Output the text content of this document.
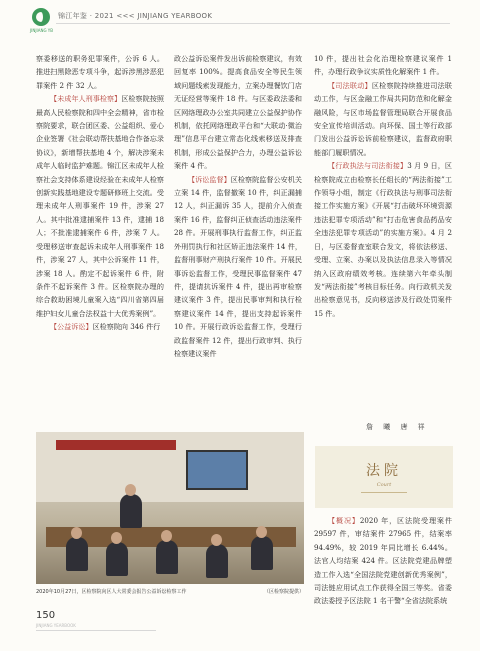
JINJIANG YB
锦江年鉴 · 2021 <<< JINJIANG YEARBOOK

察委移送的职务犯罪案件，公诉 6 人。推进扫黑除恶专项斗争，起诉涉黑涉恶犯罪案件 2 件 32 人。

【未成年人刑事检察】区检察院按照最高人民检察院和四中全会精神，省市检察院要求，联合团区委、公益组织、爱心企业签署《社会联动帮扶基地合作备忘录协议》，新增帮扶基地 4 个，解决涉案未成年人临时监护难题。锦江区未成年人检察社会支持体系建设经验在未成年人检察创新实践基地建设专题研修班上交流。受理未成年人刑事案件 19 件，涉案 27 人。其中批准逮捕案件 13 件，逮捕 18 人；不批准逮捕案件 6 件，涉案 7 人。受理移送审查起诉未成年人刑事案件 18 件，涉案 27 人，其中公诉案件 11 件，涉案 18 人。酌定不起诉案件 6 件，附条件不起诉案件 3 件。区检察院办理的综合救助困境儿童案入选“四川省第四届维护妇女儿童合法权益十大优秀案例”。

【公益诉讼】区检察院向 346 件行

政公益诉讼案件发出诉前检察建议，有效回复率 100%。提高食品安全等民生领域问题线索发现能力，立案办理餐饮门店无证经营等案件 18 件。与区委政法委和区网络理政办公室共同建立公益保护协作机制，依托网络理政平台和“大联动·微治理”信息平台建立常态化线索移送及排查机制，形成公益保护合力，办理公益诉讼案件 4 件。

【诉讼监督】区检察院监督公安机关立案 14 件，监督撤案 10 件，纠正漏捕 12 人，纠正漏诉 35 人，提前介入侦查案件 16 件，监督纠正侦查活动违法案件 28 件。开展刑事执行监督工作，纠正监外刑罚执行和社区矫正违法案件 14 件，监督刑事财产刑执行案件 10 件。开展民事诉讼监督工作，受理民事监督案件 47 件，提请抗诉案件 4 件，提出再审检察建议案件 3 件，提出民事审判和执行检察建议案件 14 件，提出支持起诉案件 10 件。开展行政诉讼监督工作，受理行政监督案件 12 件，提出行政审判、执行检察建议案件

10 件，提出社会化治理检察建议案件 1 件，办理行政争议实质性化解案件 1 件。

【司法联动】区检察院持续推进司法联动工作，与区金融工作局共同防范和化解金融风险，与区市场监督管理局联合开展食品安全宣传培训活动。向环保、国土等行政部门发出公益诉讼诉前检察建议，监督政府职能部门履职情况。

【行政执法与司法衔接】3 月 9 日，区检察院成立由检察长任组长的“两法衔接”工作领导小组，制定《行政执法与刑事司法衔接工作实施方案》《开展“打击破坏环境资源违法犯罪专项活动”和“打击危害食品药品安全违法犯罪专项活动”的实施方案》。4 月 2 日，与区委督查室联合发文，将依法移送、受理、立案、办案以及执法信息录入等情况纳入区政府绩效考核。连续第六年牵头制发“两法衔接”考核目标任务。向行政机关发出检察意见书，反向移送涉及行政处罚案件 15 件。

詹 曦 唐 祥
2020年10月27日，区检察院向区人大常委会报告公益诉讼检察工作	（区检察院提供）
法院
Court

【概况】2020 年，区法院受理案件 29597 件，审结案件 27965 件，结案率 94.49%，较 2019 年同比增长 6.44%。法官人均结案 424 件。区法院党建品牌塑造工作入选“全国法院党建创新优秀案例”，司法链应用试点工作获得全国三等奖。省委政法委授予区法院 1 名干警“全省法院系统

150
JINJIANG YEARBOOK
